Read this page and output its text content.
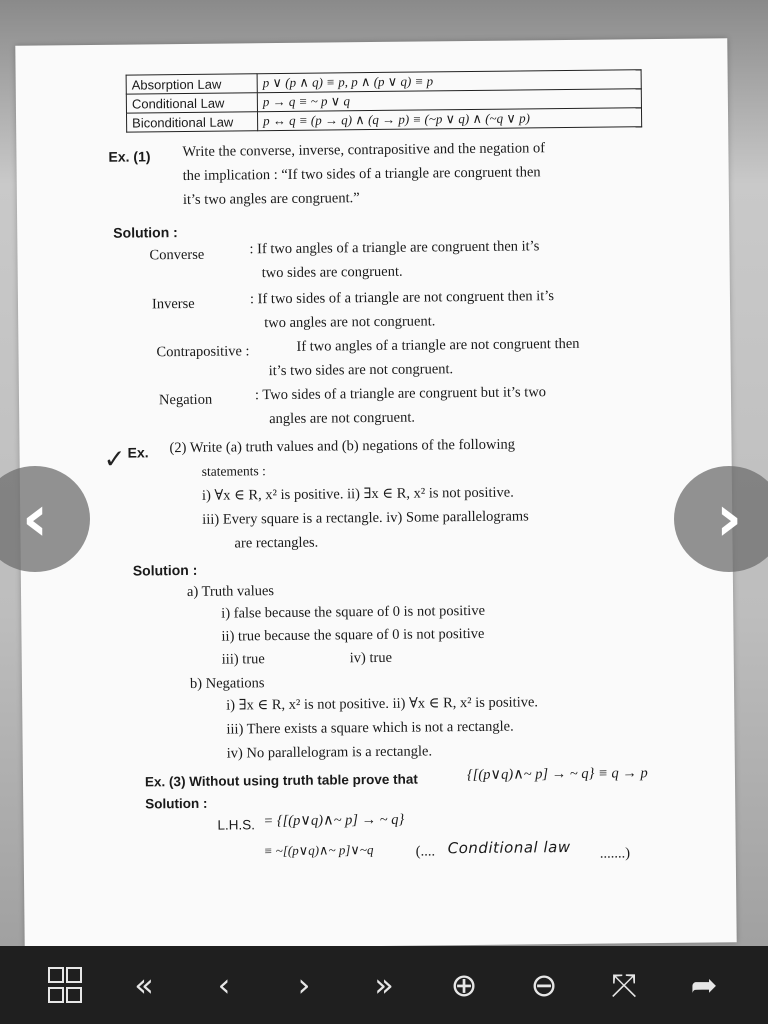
Absorption Law	p ∨ (p ∧ q) ≡ p, p ∧ (p ∨ q) ≡ p
Conditional Law	p → q ≡ ~ p ∨ q
Biconditional Law	p ↔ q ≡ (p → q) ∧ (q → p) ≡ (~p ∨ q) ∧ (~q ∨ p)
Ex. (1) Write the converse, inverse, contrapositive and the negation of
the implication : “If two sides of a triangle are congruent then
it’s two angles are congruent.”
Solution :
Converse	: If two angles of a triangle are congruent then it’s
two sides are congruent.
Inverse	: If two sides of a triangle are not congruent then it’s
two angles are not congruent.
Contrapositive :	If two angles of a triangle are not congruent then
it’s two sides are not congruent.
Negation	: Two sides of a triangle are congruent but it’s two
angles are not congruent.
✓ Ex. (2) Write (a) truth values and (b) negations of the following
statements :
i) ∀x ∈ R, x² is positive. ii) ∃x ∈ R, x² is not positive.
iii) Every square is a rectangle. iv) Some parallelograms
are rectangles.
Solution :
a) Truth values
i) false because the square of 0 is not positive
ii) true because the square of 0 is not positive
iii) true	iv) true
b) Negations
i) ∃x ∈ R, x² is not positive. ii) ∀x ∈ R, x² is positive.
iii) There exists a square which is not a rectangle.
iv) No parallelogram is a rectangle.
Ex. (3) Without using truth table prove that	{[(p∨q)∧~ p] → ~ q} ≡ q → p
Solution :
L.H.S. = {[(p∨q)∧~ p] → ~ q}
≡ ~[(p∨q)∧~ p]∨~q	(.... Conditional law .......)
‹	›
« ‹ › » ⊕ ⊖ ⤧ ➦
